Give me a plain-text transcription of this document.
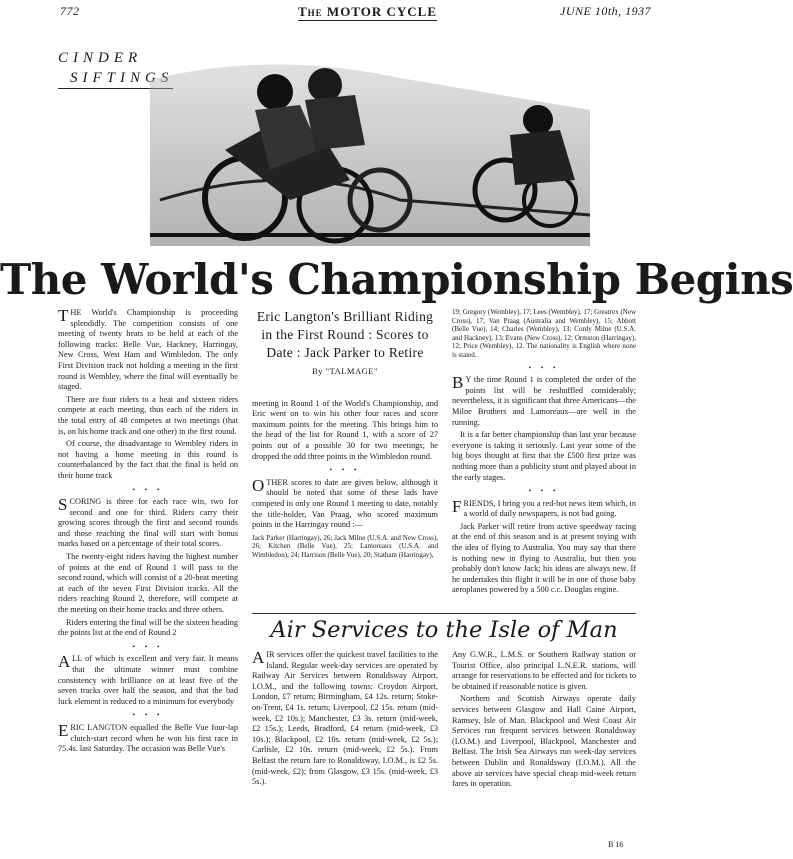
772	The MOTOR CYCLE	JUNE 10th, 1937
CINDER
SIFTINGS
The World's Championship Begins

THE World's Championship is proceeding splendidly. The competition consists of one meeting of twenty heats to be held at each of the following tracks: Belle Vue, Hackney, Harringay, New Cross, West Ham and Wimbledon. The only First Division track not holding a meeting in the first round is Wembley, where the final will eventually be staged.

There are four riders to a heat and sixteen riders compete at each meeting, thus each of the riders in the total entry of 48 competes at two meetings (that is, on his home track and one other) in the first round.

Of course, the disadvantage to Wembley riders in not having a home meeting in this round is counterbalanced by the fact that the final is held on their home track

• • •

SCORING is three for each race win, two for second and one for third. Riders carry their growing scores through the first and second rounds and those reaching the final will start with bonus marks based on a percentage of their total scores.

The twenty-eight riders having the highest number of points at the end of Round 1 will pass to the second round, which will consist of a 20-heat meeting at each of the seven First Division tracks. All the riders reaching Round 2, therefore, will compete at the meeting on their home tracks and three others.

Riders entering the final will be the sixteen heading the points list at the end of Round 2

• • •

ALL of which is excellent and very fair. It means that the ultimate winner must combine consistency with brilliance on at least five of the seven tracks over half the season, and that the bad luck element is reduced to a minimum for everybody

• • •

ERIC LANGTON equalled the Belle Vue four-lap clutch-start record when he won his first race in 75.4s. last Saturday. The occasion was Belle Vue's

Eric Langton's Brilliant Riding in the First Round : Scores to Date : Jack Parker to Retire
By "TALMAGE"

meeting in Round 1 of the World's Championship, and Eric went on to win his other four races and score maximum points for the meeting. This brings him to the head of the list for Round 1, with a score of 27 points out of a possible 30 for two meetings; he dropped the odd three points in the Wimbledon round.

• • •

OTHER scores to date are given below, although it should be noted that some of these lads have competed in only one Round 1 meeting to date, notably the title-holder, Van Praag, who scored maximum points in the Harringay round :—

Jack Parker (Harringay), 26; Jack Milne (U.S.A. and New Cross), 26; Kitchen (Belle Vue), 25; Lamoreaux (U.S.A. and Wimbledon), 24; Harrison (Belle Vue), 20; Statham (Harringay),
19; Gregory (Wembley), 17; Lees (Wembley), 17; Greatrex (New Cross), 17; Van Praag (Australia and Wembley), 15; Abbott (Belle Vue), 14; Charles (Wembley), 13; Cordy Milne (U.S.A. and Hackney), 13; Evans (New Cross), 12; Ormston (Harringay), 12; Price (Wembley), 12. The nationality is English where none is stated.
• • •

B Y the time Round 1 is completed the order of the points list will be reshuffled considerably; nevertheless, it is significant that three Americans—the Milne Brothers and Lamoreaux—are well in the running.

It is a far better championship than last year because everyone is taking it seriously. Last year some of the big boys thought at first that the £500 first prize was nothing more than a publicity stunt and played about in the early stages.

• • •

FRIENDS, I bring you a red-hot news item which, in a world of daily newspapers, is not bad going.

Jack Parker will retire from active speedway racing at the end of this season and is at present toying with the idea of flying to Australia. You may say that there is nothing new in flying to Australia, but then you probably don't know Jack; his ideas are always new. If he undertakes this flight it will be in one of those baby aeroplanes powered by a 500 c.c. Douglas engine.

Air Services to the Isle of Man

AIR services offer the quickest travel facilities to the Island. Regular week-day services are operated by Railway Air Services between Ronaldsway Airport, I.O.M., and the following towns: Croydon Airport, London, £7 return; Birmingham, £4 12s. return; Stoke-on-Trent, £4 1s. return; Liverpool, £2 15s. return (mid-week, £2 10s.); Manchester, £3 3s. return (mid-week, £2 15s.); Leeds, Bradford, £4 return (mid-week, £3 10s.); Blackpool, £2 10s. return (mid-week, £2 5s.); Carlisle, £2 10s. return (mid-week, £2 5s.). From Belfast the return fare to Ronaldsway, I.O.M., is £2 5s. (mid-week, £2); from Glasgow, £3 15s. (mid-week, £3 5s.).

Any G.W.R., L.M.S. or Southern Railway station or Tourist Office, also principal L.N.E.R. stations, will arrange for reservations to be effected and for tickets to be obtained if reasonable notice is given.

Northern and Scottish Airways operate daily services between Glasgow and Hall Caine Airport, Ramsey, Isle of Man. Blackpool and West Coast Air Services run frequent services between Ronaldsway (I.O.M.) and Liverpool, Blackpool, Manchester and Belfast. The Irish Sea Airways run week-day services between Dublin and Ronaldsway (I.O.M.). All the above air services have special cheap mid-week return fares in operation.

B 16
